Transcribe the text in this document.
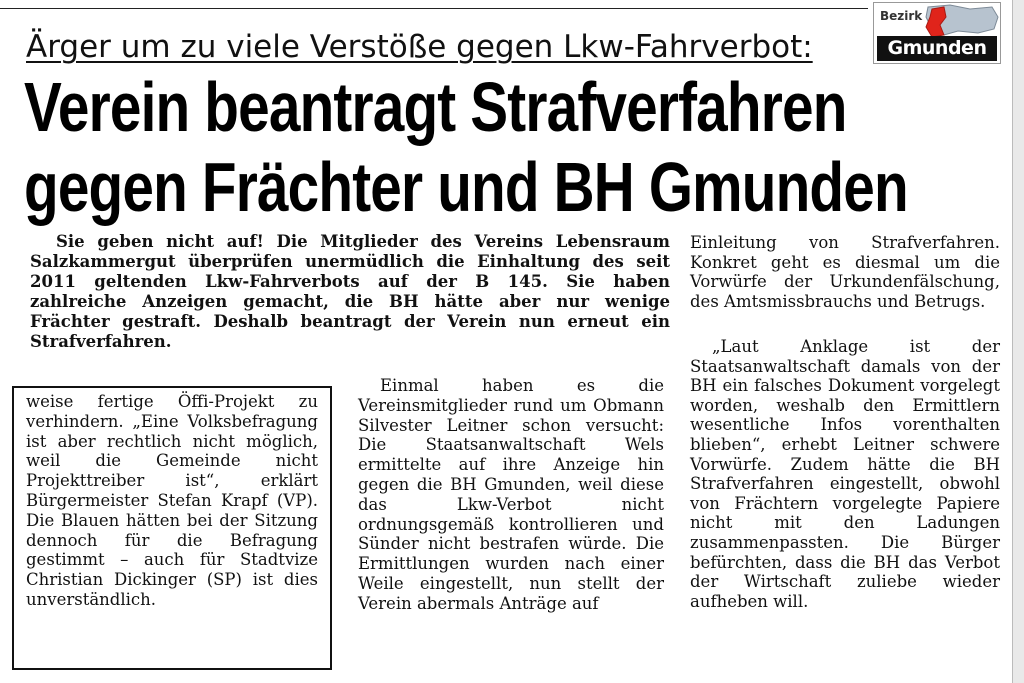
Ärger um zu viele Verstöße gegen Lkw-Fahrverbot:
Bezirk
Gmunden
Verein beantragt Strafverfahren
gegen Frächter und BH Gmunden

Sie geben nicht auf! Die Mitglieder des Vereins Lebensraum Salzkammergut überprüfen unermüdlich die Einhaltung des seit 2011 geltenden Lkw-Fahrverbots auf der B 145. Sie haben zahlreiche Anzeigen gemacht, die BH hätte aber nur wenige Frächter gestraft. Deshalb beantragt der Verein nun erneut ein Strafverfahren.

weise fertige Öffi-Projekt zu verhindern. „Eine Volksbefragung ist aber rechtlich nicht möglich, weil die Gemeinde nicht Projekttreiber ist“, erklärt Bürgermeister Stefan Krapf (VP). Die Blauen hätten bei der Sitzung dennoch für die Befragung gestimmt – auch für Stadtvize Christian Dickinger (SP) ist dies unverständlich.

Einmal haben es die Vereinsmitglieder rund um Obmann Silvester Leitner schon versucht: Die Staatsanwaltschaft Wels ermittelte auf ihre Anzeige hin gegen die BH Gmunden, weil diese das Lkw-Verbot nicht ordnungsgemäß kontrollieren und Sünder nicht bestrafen würde. Die Ermittlungen wurden nach einer Weile eingestellt, nun stellt der Verein abermals Anträge auf

Einleitung von Strafverfahren. Konkret geht es diesmal um die Vorwürfe der Urkundenfälschung, des Amtsmissbrauchs und Betrugs.

„Laut Anklage ist der Staatsanwaltschaft damals von der BH ein falsches Dokument vorgelegt worden, weshalb den Ermittlern wesentliche Infos vorenthalten blieben“, erhebt Leitner schwere Vorwürfe. Zudem hätte die BH Strafverfahren eingestellt, obwohl von Frächtern vorgelegte Papiere nicht mit den Ladungen zusammenpassten. Die Bürger befürchten, dass die BH das Verbot der Wirtschaft zuliebe wieder aufheben will.
